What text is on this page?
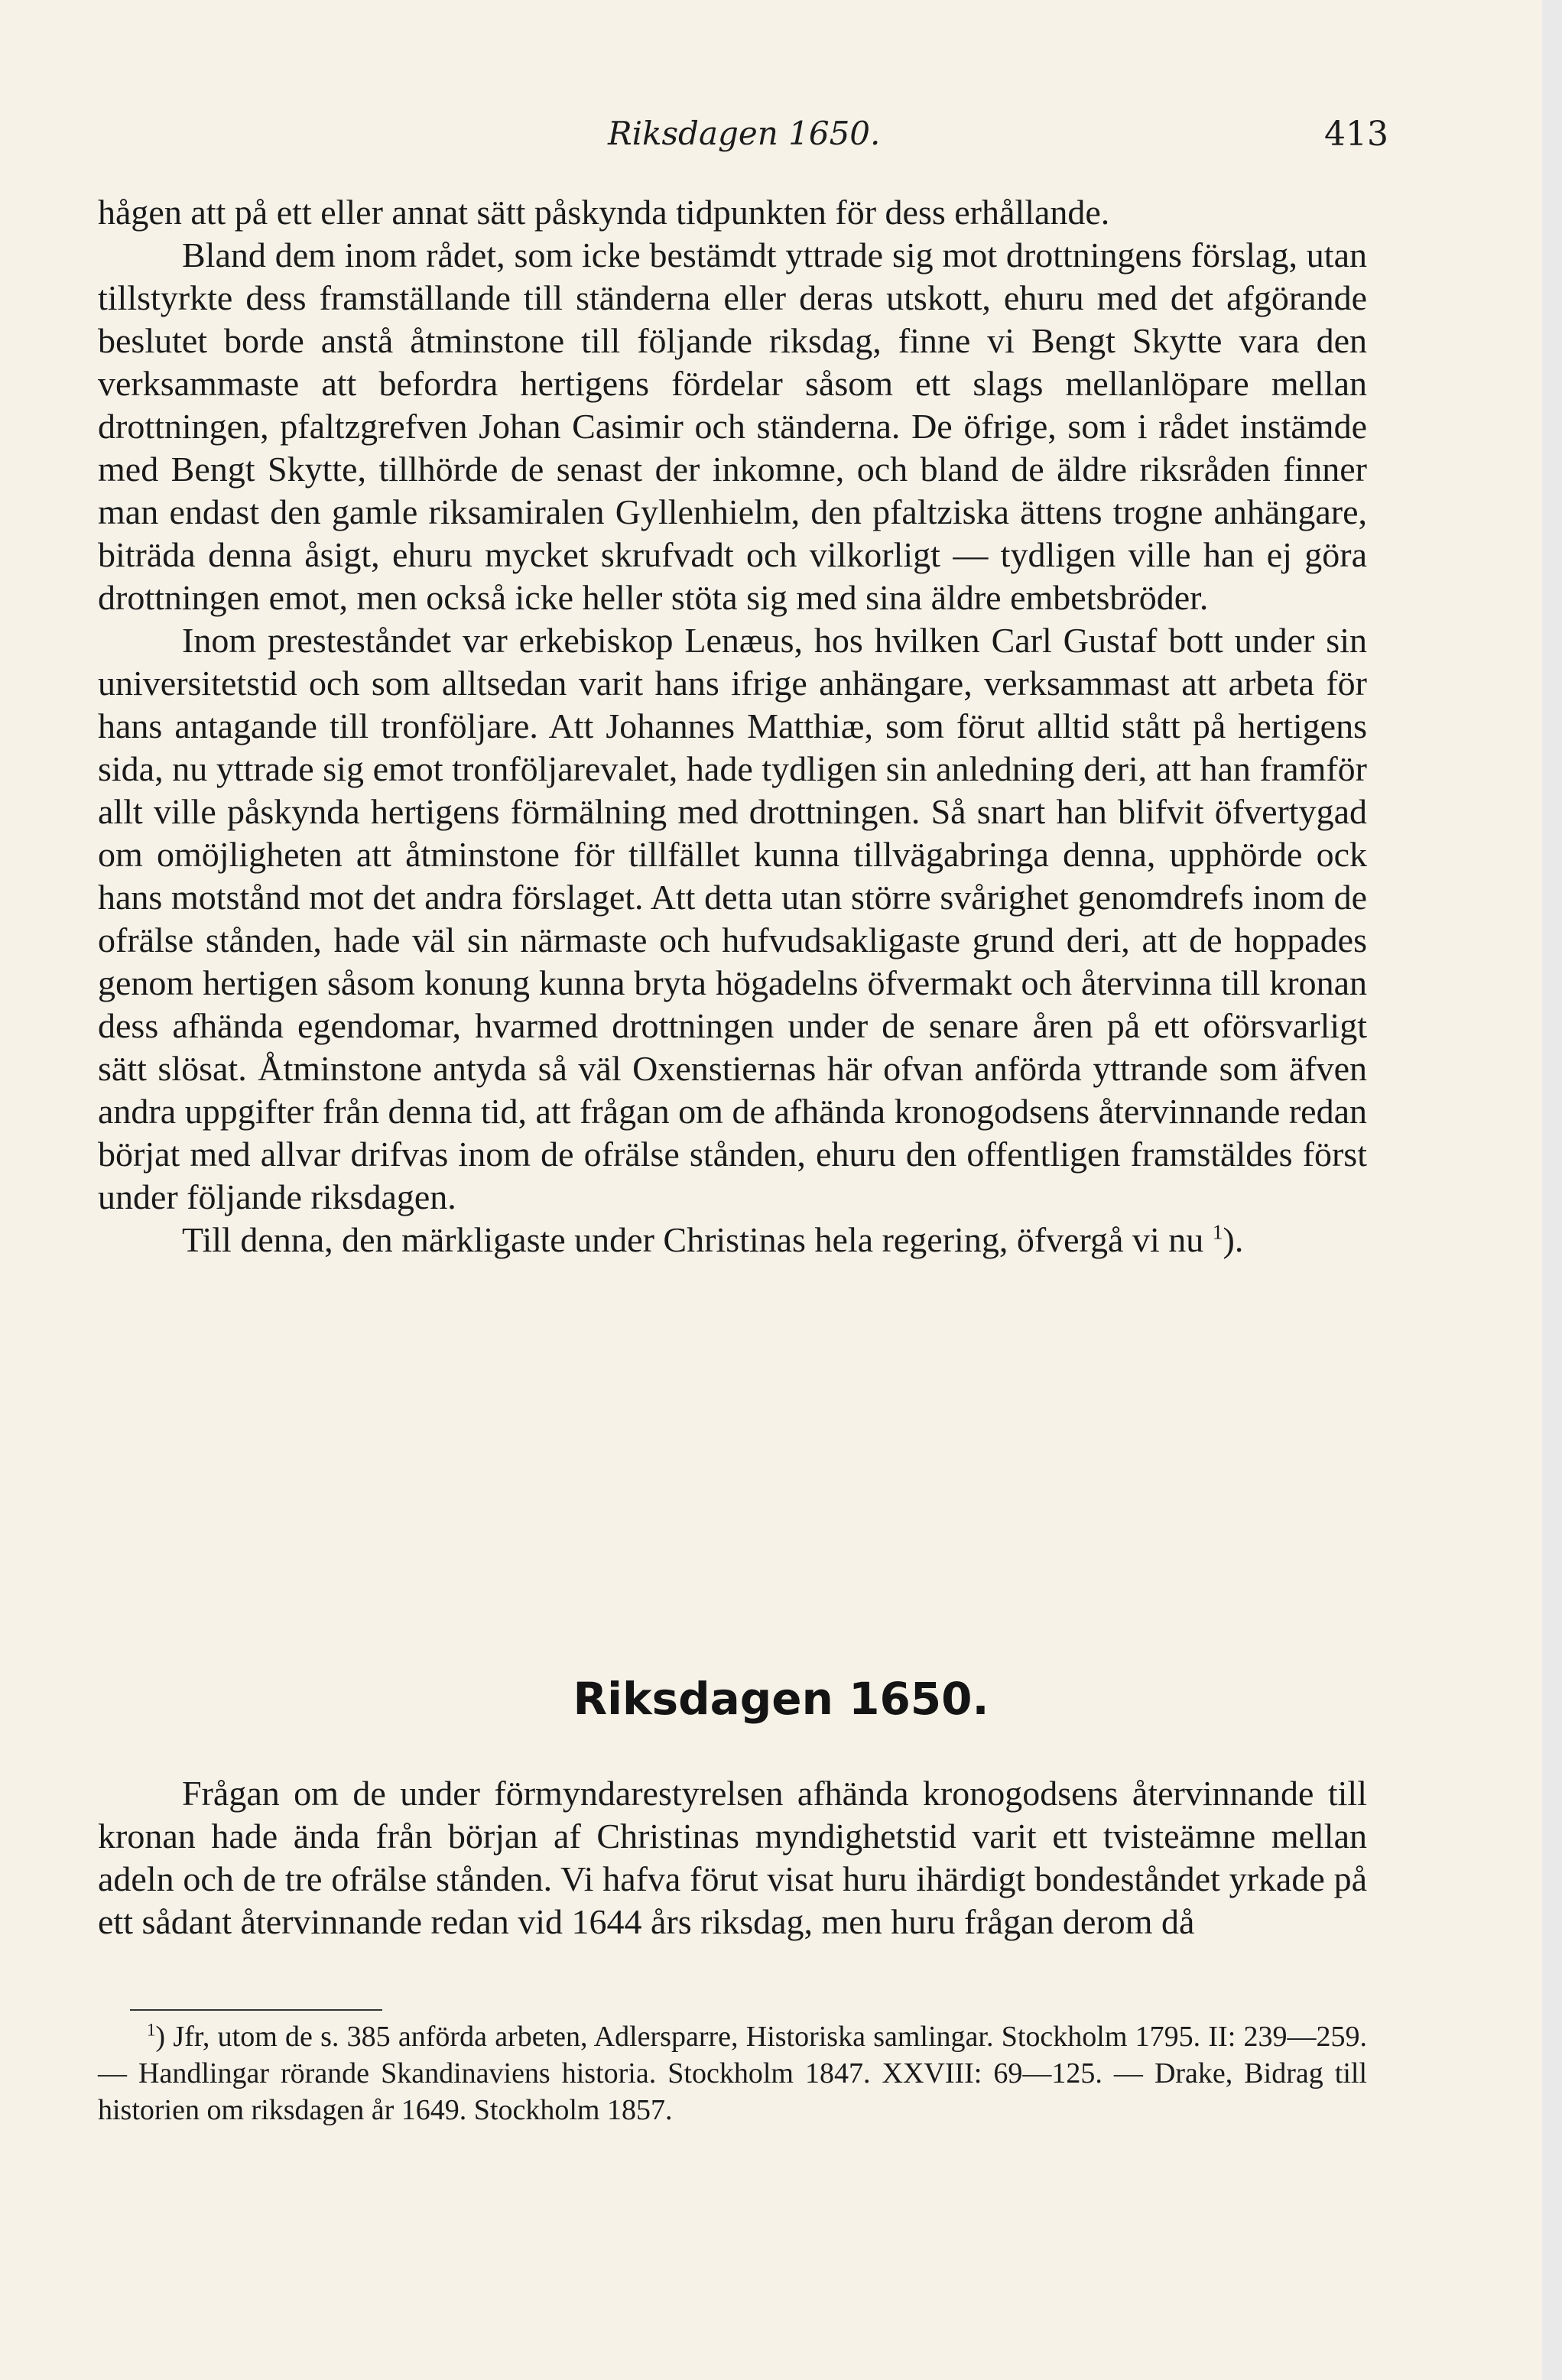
Riksdagen 1650.	413

hågen att på ett eller annat sätt påskynda tidpunkten för dess erhållande.

Bland dem inom rådet, som icke bestämdt yttrade sig mot drottningens förslag, utan tillstyrkte dess framställande till ständerna eller deras utskott, ehuru med det afgörande beslutet borde anstå åtminstone till följande riksdag, finne vi Bengt Skytte vara den verksammaste att befordra hertigens fördelar såsom ett slags mellanlöpare mellan drottningen, pfaltzgrefven Johan Casimir och ständerna. De öfrige, som i rådet instämde med Bengt Skytte, tillhörde de senast der inkomne, och bland de äldre riksråden finner man endast den gamle riksamiralen Gyllenhielm, den pfaltziska ättens trogne anhängare, biträda denna åsigt, ehuru mycket skrufvadt och vilkorligt — tydligen ville han ej göra drottningen emot, men också icke heller stöta sig med sina äldre embetsbröder.

Inom presteståndet var erkebiskop Lenæus, hos hvilken Carl Gustaf bott under sin universitetstid och som alltsedan varit hans ifrige anhängare, verksammast att arbeta för hans antagande till tronföljare. Att Johannes Matthiæ, som förut alltid stått på hertigens sida, nu yttrade sig emot tronföljarevalet, hade tydligen sin anledning deri, att han framför allt ville påskynda hertigens förmälning med drottningen. Så snart han blifvit öfvertygad om omöjligheten att åtminstone för tillfället kunna tillvägabringa denna, upphörde ock hans motstånd mot det andra förslaget. Att detta utan större svårighet genomdrefs inom de ofrälse stånden, hade väl sin närmaste och hufvudsakligaste grund deri, att de hoppades genom hertigen såsom konung kunna bryta högadelns öfvermakt och återvinna till kronan dess afhända egendomar, hvarmed drottningen under de senare åren på ett oförsvarligt sätt slösat. Åtminstone antyda så väl Oxenstiernas här ofvan anförda yttrande som äfven andra uppgifter från denna tid, att frågan om de afhända kronogodsens återvinnande redan börjat med allvar drifvas inom de ofrälse stånden, ehuru den offentligen framstäldes först under följande riksdagen.

Till denna, den märkligaste under Christinas hela regering, öfvergå vi nu $^1$).

Riksdagen 1650.

Frågan om de under förmyndarestyrelsen afhända kronogodsens återvinnande till kronan hade ända från början af Christinas myndighetstid varit ett tvisteämne mellan adeln och de tre ofrälse stånden. Vi hafva förut visat huru ihärdigt bondeståndet yrkade på ett sådant återvinnande redan vid 1644 års riksdag, men huru frågan derom då

$^1$) Jfr, utom de s. 385 anförda arbeten, Adlersparre, Historiska samlingar. Stockholm 1795. II: 239—259. — Handlingar rörande Skandinaviens historia. Stockholm 1847. XXVIII: 69—125. — Drake, Bidrag till historien om riksdagen år 1649. Stockholm 1857.
